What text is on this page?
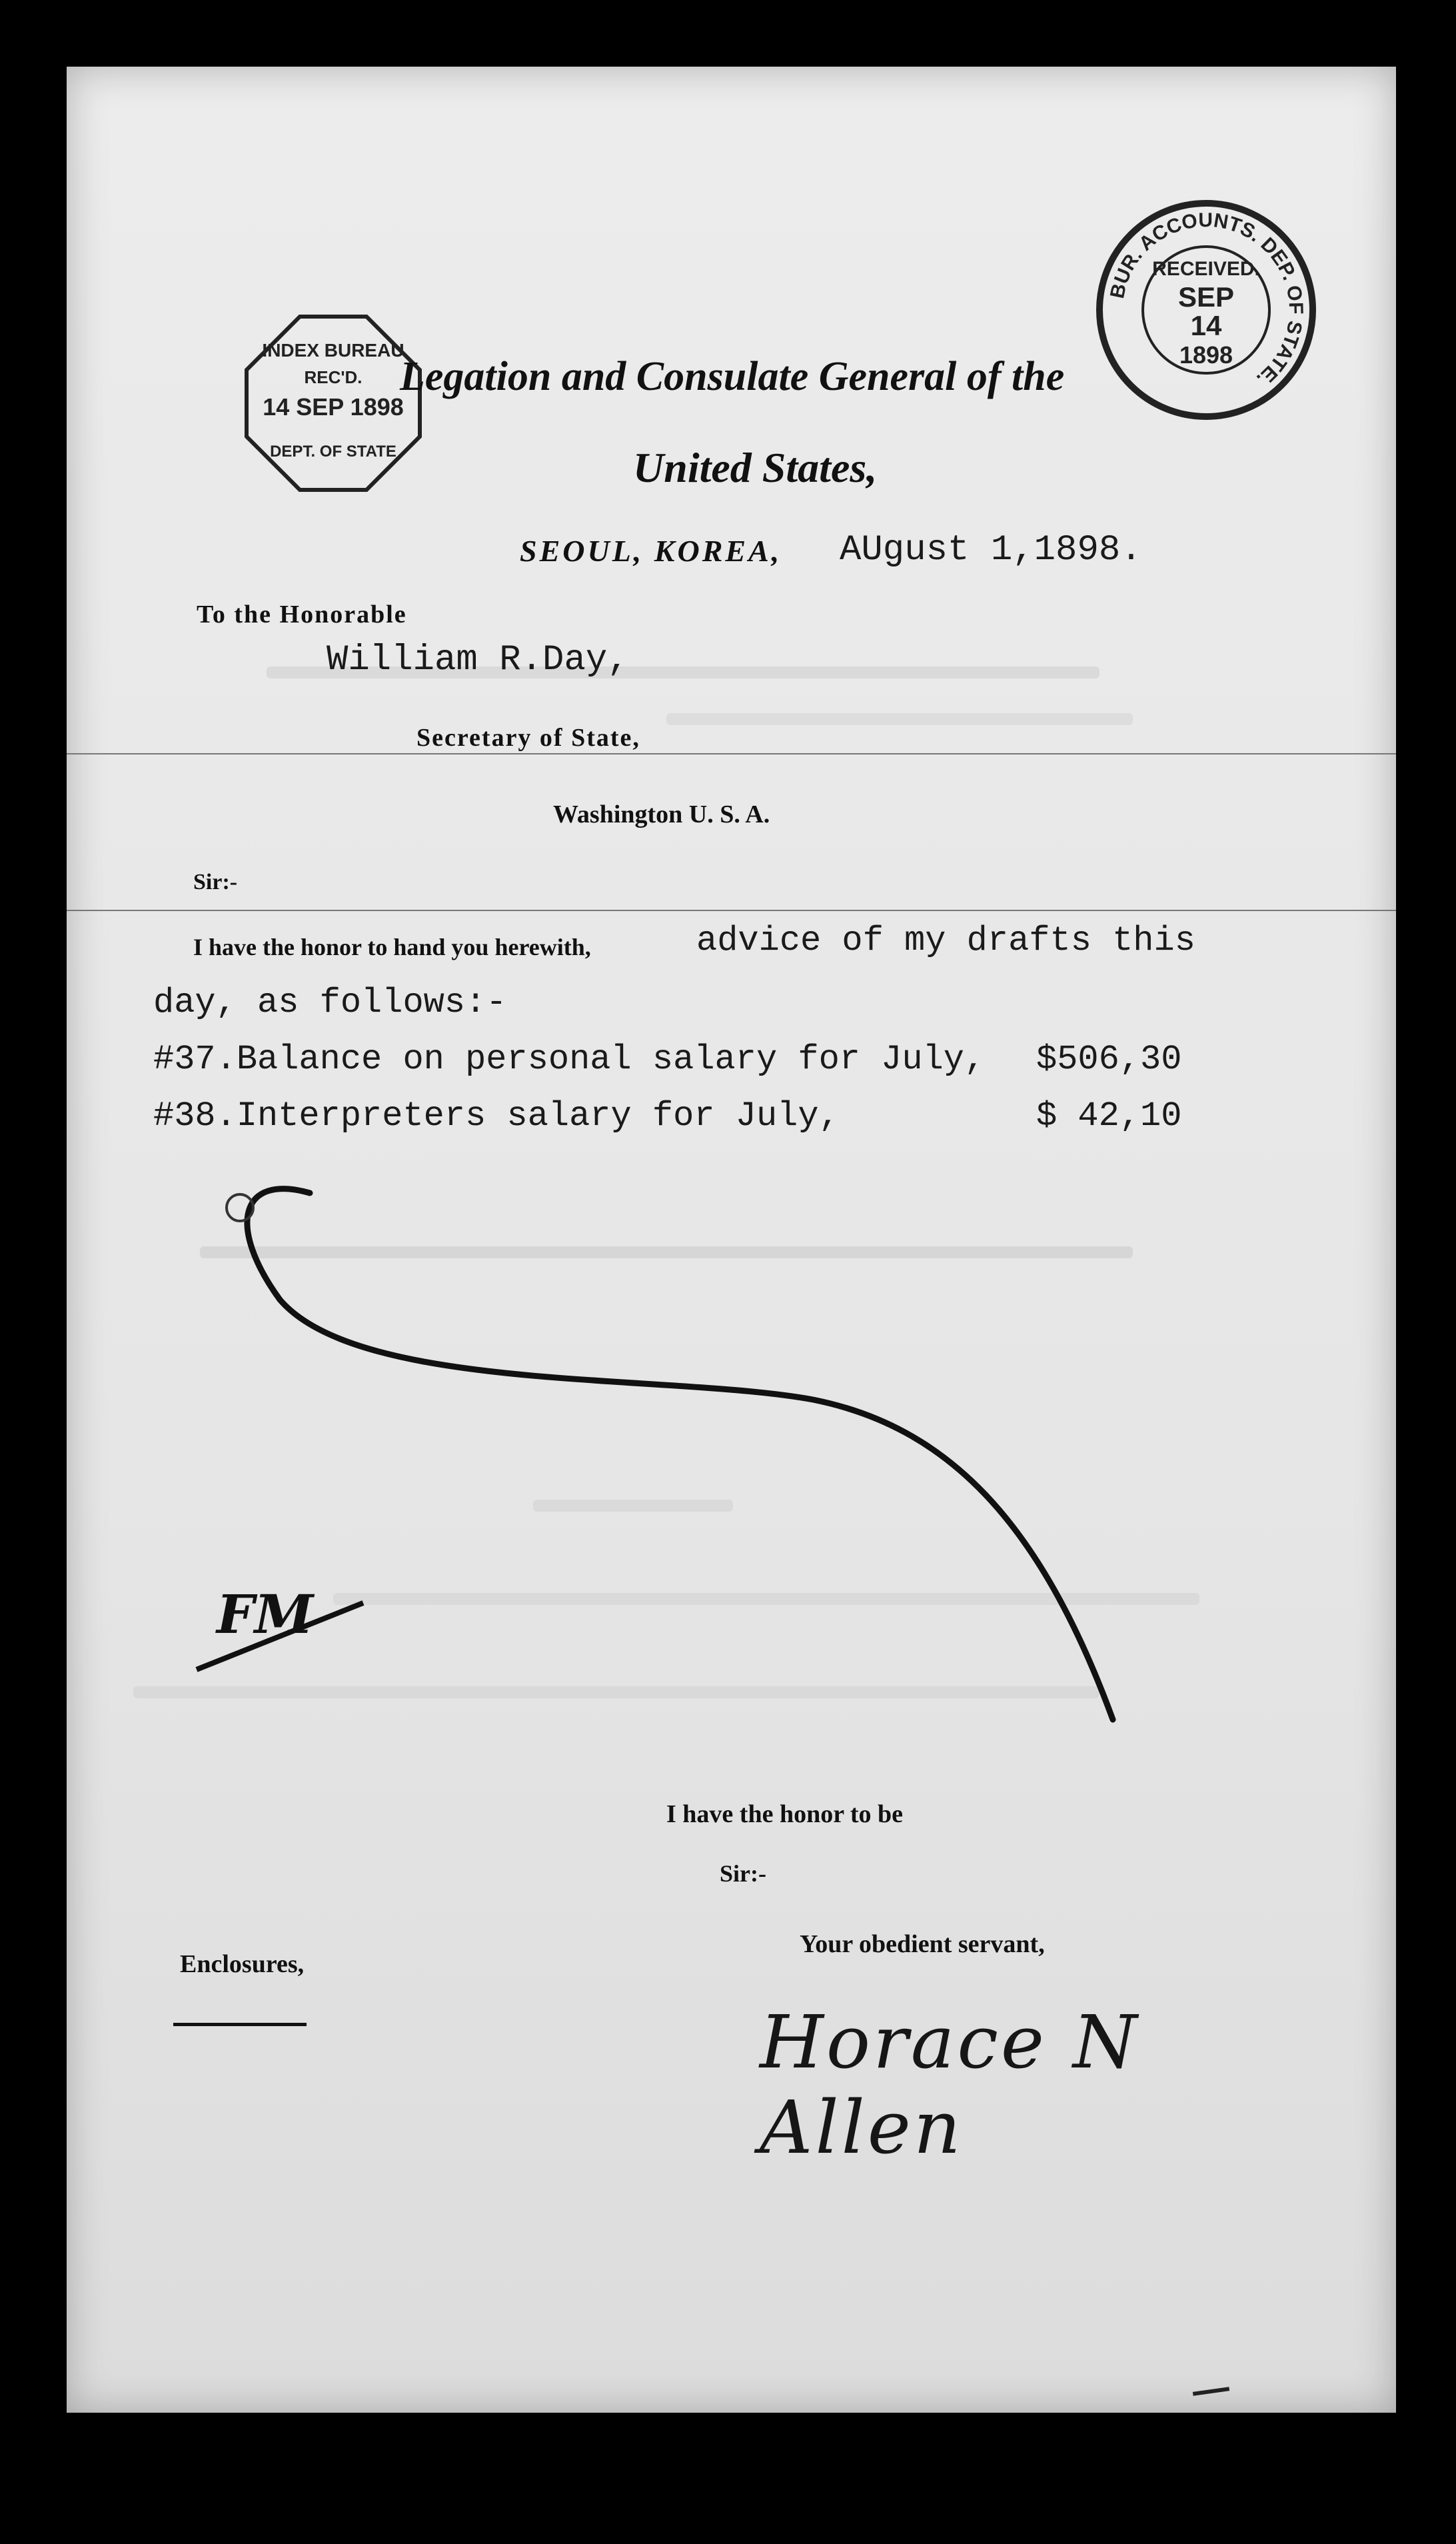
INDEX BUREAU
REC'D.
14 SEP 1898
DEPT. OF STATE
BUR. ACCOUNTS. DEP. OF STATE.
RECEIVED.
SEP
14
1898
Legation and Consulate General of the
United States,
SEOUL, KOREA, AUgust 1,1898.
To the Honorable
William R.Day,
Secretary of State,
Washington U. S. A.
Sir:-
I have the honor to hand you herewith,	advice of my drafts this
day, as follows:-
#37.Balance on personal salary for July, $506,30
#38.Interpreters salary for July,	$ 42,10
FM
I have the honor to be
Sir:-
Your obedient servant,
Enclosures,
Horace N Allen
